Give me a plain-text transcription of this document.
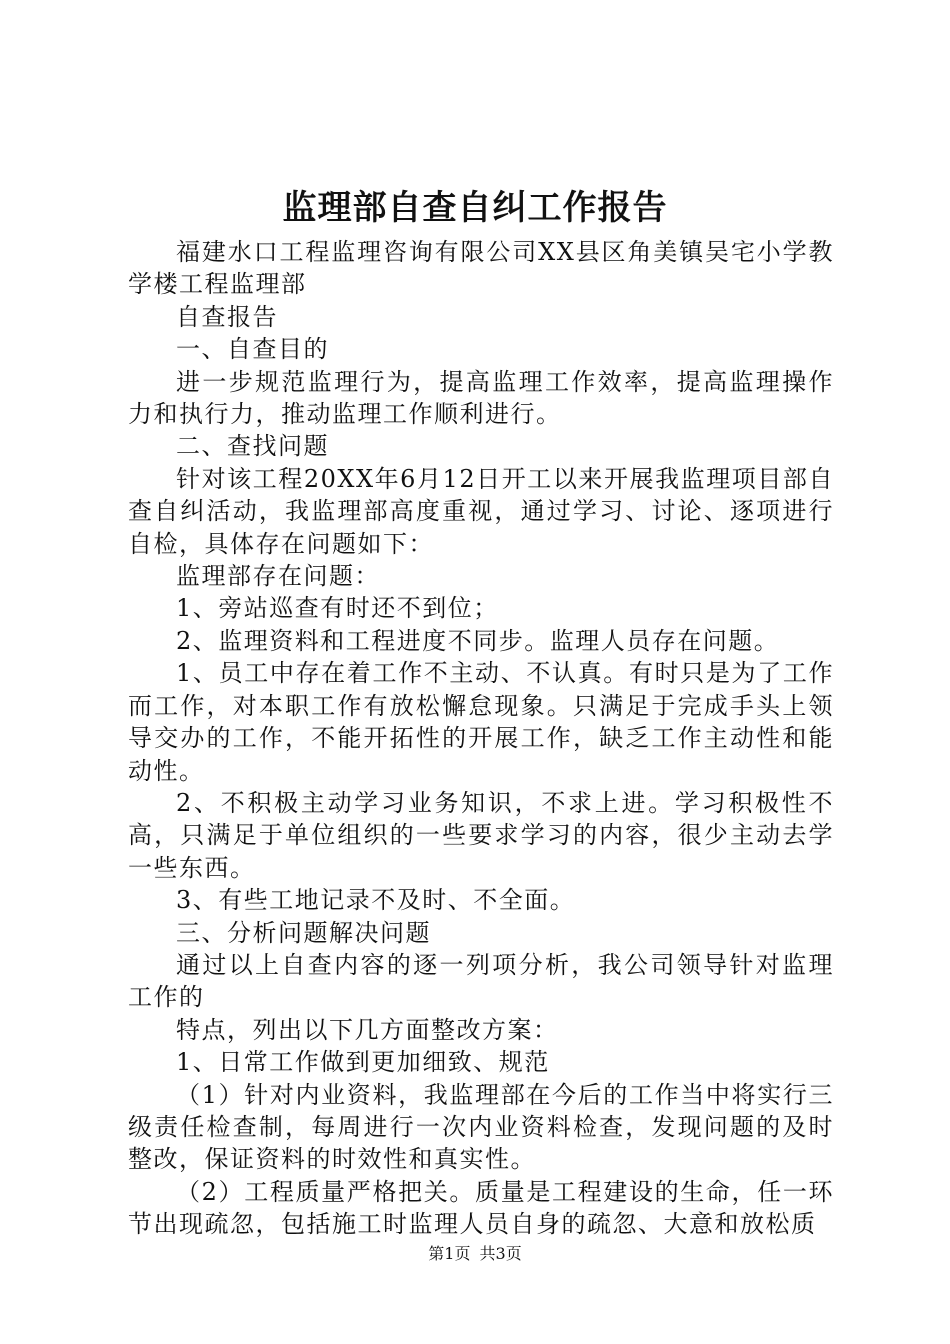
监理部自查自纠工作报告

福建水口工程监理咨询有限公司XX县区角美镇吴宅小学教学楼工程监理部

自查报告

一、自查目的

进一步规范监理行为，提高监理工作效率，提高监理操作力和执行力，推动监理工作顺利进行。

二、查找问题

针对该工程20XX年6月12日开工以来开展我监理项目部自查自纠活动，我监理部高度重视，通过学习、讨论、逐项进行自检，具体存在问题如下：

监理部存在问题：

1、旁站巡查有时还不到位；

2、监理资料和工程进度不同步。监理人员存在问题。

1、员工中存在着工作不主动、不认真。有时只是为了工作而工作，对本职工作有放松懈怠现象。只满足于完成手头上领导交办的工作，不能开拓性的开展工作，缺乏工作主动性和能动性。

2、不积极主动学习业务知识，不求上进。学习积极性不高，只满足于单位组织的一些要求学习的内容，很少主动去学一些东西。

3、有些工地记录不及时、不全面。

三、分析问题解决问题

通过以上自查内容的逐一列项分析，我公司领导针对监理工作的

特点，列出以下几方面整改方案：

1、日常工作做到更加细致、规范

（1）针对内业资料，我监理部在今后的工作当中将实行三级责任检查制，每周进行一次内业资料检查，发现问题的及时整改，保证资料的时效性和真实性。

（2）工程质量严格把关。质量是工程建设的生命，任一环节出现疏忽，包括施工时监理人员自身的疏忽、大意和放松质

第1页 共3页
